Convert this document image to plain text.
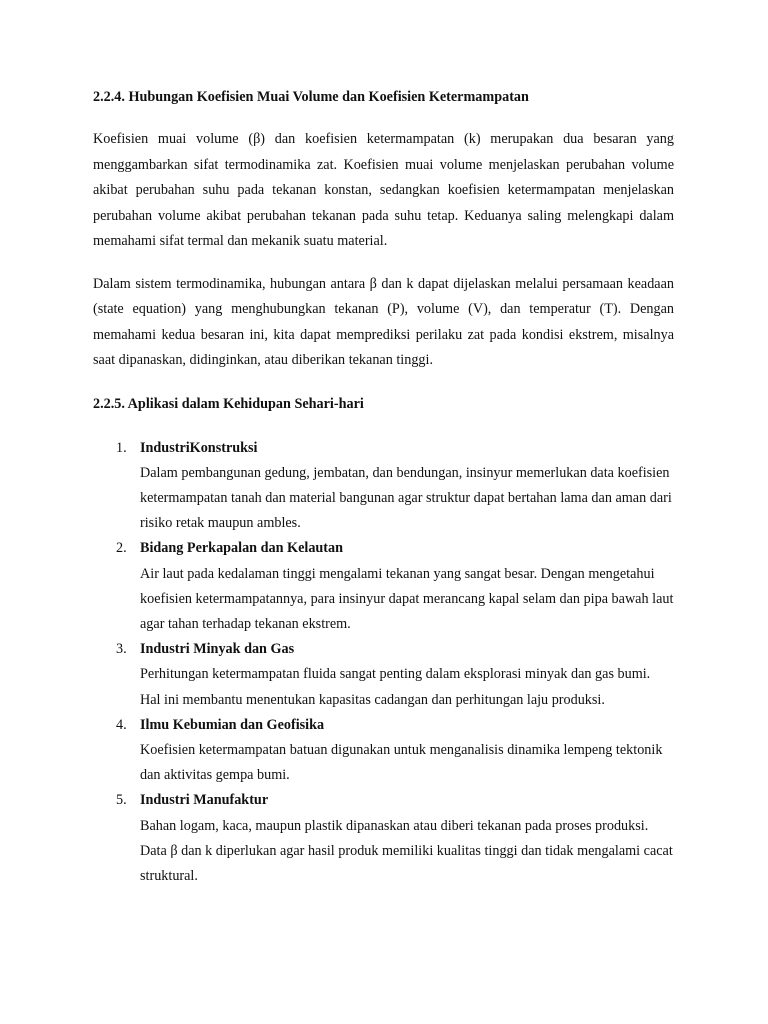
2.2.4. Hubungan Koefisien Muai Volume dan Koefisien Ketermampatan

Koefisien muai volume (β) dan koefisien ketermampatan (k) merupakan dua besaran yang menggambarkan sifat termodinamika zat. Koefisien muai volume menjelaskan perubahan volume akibat perubahan suhu pada tekanan konstan, sedangkan koefisien ketermampatan menjelaskan perubahan volume akibat perubahan tekanan pada suhu tetap. Keduanya saling melengkapi dalam memahami sifat termal dan mekanik suatu material.

Dalam sistem termodinamika, hubungan antara β dan k dapat dijelaskan melalui persamaan keadaan (state equation) yang menghubungkan tekanan (P), volume (V), dan temperatur (T). Dengan memahami kedua besaran ini, kita dapat memprediksi perilaku zat pada kondisi ekstrem, misalnya saat dipanaskan, didinginkan, atau diberikan tekanan tinggi.

2.2.5. Aplikasi dalam Kehidupan Sehari-hari

1. IndustriKonstruksi

Dalam pembangunan gedung, jembatan, dan bendungan, insinyur memerlukan data koefisien ketermampatan tanah dan material bangunan agar struktur dapat bertahan lama dan aman dari risiko retak maupun ambles.

2. Bidang Perkapalan dan Kelautan

Air laut pada kedalaman tinggi mengalami tekanan yang sangat besar. Dengan mengetahui koefisien ketermampatannya, para insinyur dapat merancang kapal selam dan pipa bawah laut agar tahan terhadap tekanan ekstrem.

3. Industri Minyak dan Gas

Perhitungan ketermampatan fluida sangat penting dalam eksplorasi minyak dan gas bumi. Hal ini membantu menentukan kapasitas cadangan dan perhitungan laju produksi.

4. Ilmu Kebumian dan Geofisika

Koefisien ketermampatan batuan digunakan untuk menganalisis dinamika lempeng tektonik dan aktivitas gempa bumi.

5. Industri Manufaktur

Bahan logam, kaca, maupun plastik dipanaskan atau diberi tekanan pada proses produksi. Data β dan k diperlukan agar hasil produk memiliki kualitas tinggi dan tidak mengalami cacat struktural.
